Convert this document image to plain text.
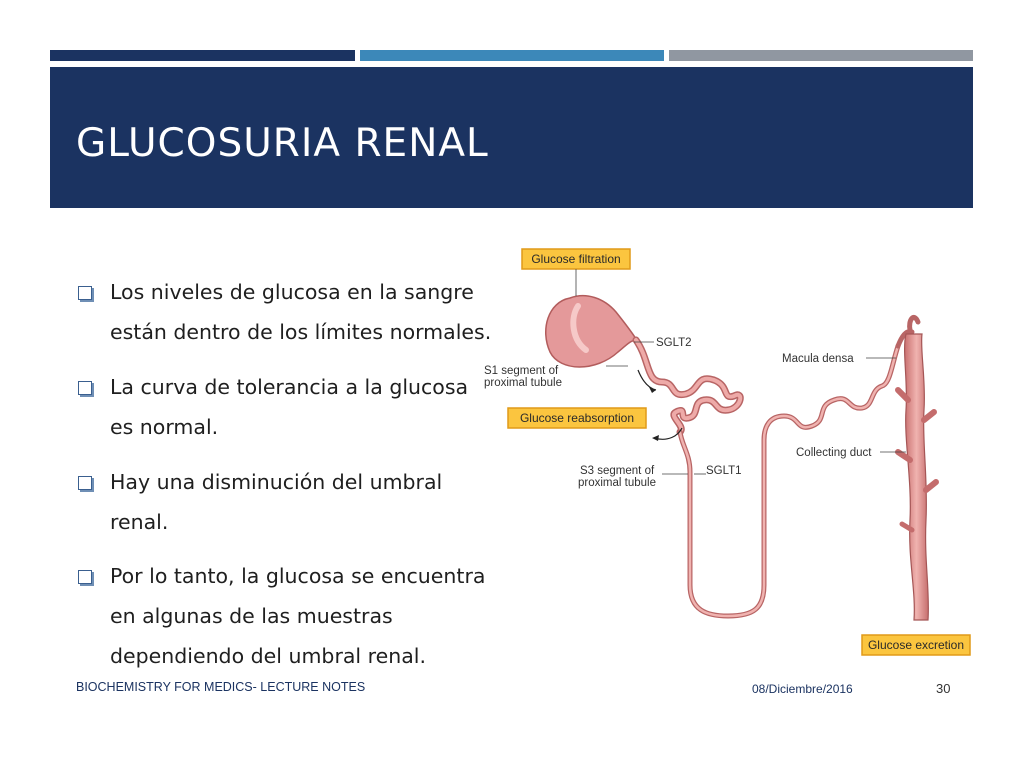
GLUCOSURIA RENAL
Los niveles de glucosa en la sangre están dentro de los límites normales.
La curva de tolerancia a la glucosa es normal.
Hay una disminución del umbral renal.
Por lo tanto, la glucosa se encuentra en algunas de las muestras dependiendo del umbral renal.
Glucose filtration
SGLT2
S1 segment of
proximal tubule
Macula densa
Glucose reabsorption
Collecting duct
S3 segment of
proximal tubule
SGLT1
Glucose excretion
BIOCHEMISTRY FOR MEDICS- LECTURE NOTES	08/Diciembre/2016	30
